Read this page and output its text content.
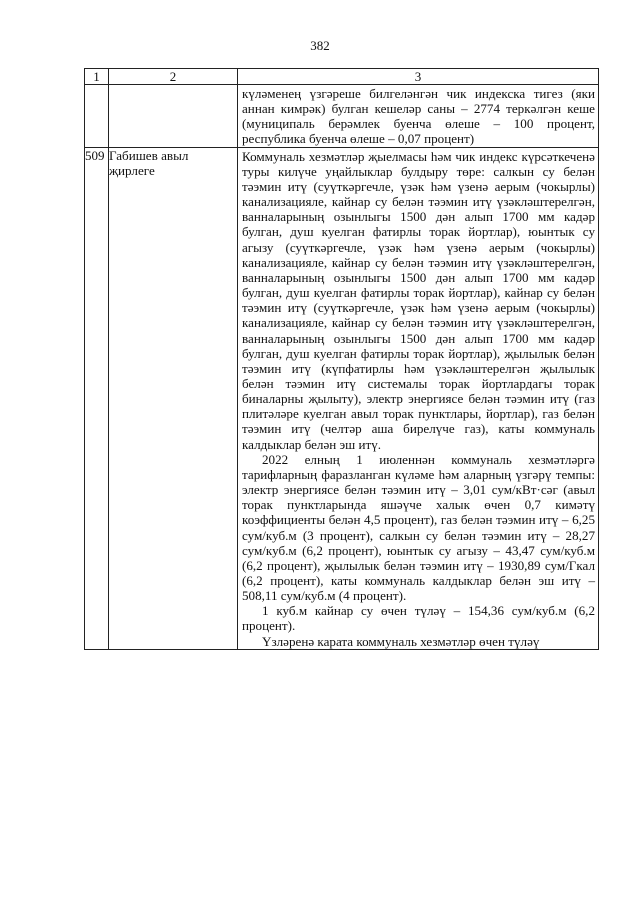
382
1	2	3

		күләменең үзгәреше билгеләнгән чик индекска тигез (яки аннан кимрәк) булган кешеләр саны – 2774 теркәлгән кеше (муниципаль берәмлек буенча өлеше – 100 процент, республика буенча өлеше – 0,07 процент)

509	Габишев авыл җирлеге	Коммуналь хезмәтләр җыелмасы һәм чик индекс күрсәткеченә туры килүче уңайлыклар булдыру төре: салкын су белән тәэмин итү (суүткәргечле, үзәк һәм үзенә аерым (чокырлы) канализацияле, кайнар су белән тәэмин итү үзәкләштерелгән, ванналарының озынлыгы 1500 дән алып 1700 мм кадәр булган, душ куелган фатирлы торак йортлар), юынтык су агызу (суүткәргечле, үзәк һәм үзенә аерым (чокырлы) канализацияле, кайнар су белән тәэмин итү үзәкләштерелгән, ванналарының озынлыгы 1500 дән алып 1700 мм кадәр булган, душ куелган фатирлы торак йортлар), кайнар су белән тәэмин итү (суүткәргечле, үзәк һәм үзенә аерым (чокырлы) канализацияле, кайнар су белән тәэмин итү үзәкләштерелгән, ванналарының озынлыгы 1500 дән алып 1700 мм кадәр булган, душ куелган фатирлы торак йортлар), җылылык белән тәэмин итү (күпфатирлы һәм үзәкләштерелгән җылылык белән тәэмин итү системалы торак йортлардагы торак биналарны җылыту), электр энергиясе белән тәэмин итү (газ плитәләре куелган авыл торак пунктлары, йортлар), газ белән тәэмин итү (челтәр аша бирелүче газ), каты коммуналь калдыклар белән эш итү.

2022 елның 1 июленнән коммуналь хезмәтләргә тарифларның фаразланган күләме һәм аларның үзгәрү темпы: электр энергиясе белән тәэмин итү – 3,01 сум/кВт·сәг (авыл торак пунктларында яшәүче халык өчен 0,7 кимәтү коэффициенты белән 4,5 процент), газ белән тәэмин итү – 6,25 сум/куб.м (3 процент), салкын су белән тәэмин итү – 28,27 сум/куб.м (6,2 процент), юынтык су агызу – 43,47 сум/куб.м (6,2 процент), җылылык белән тәэмин итү – 1930,89 сум/Гкал (6,2 процент), каты коммуналь калдыклар белән эш итү – 508,11 сум/куб.м (4 процент).

1 куб.м кайнар су өчен түләү – 154,36 сум/куб.м (6,2 процент).

Үзләренә карата коммуналь хезмәтләр өчен түләү
